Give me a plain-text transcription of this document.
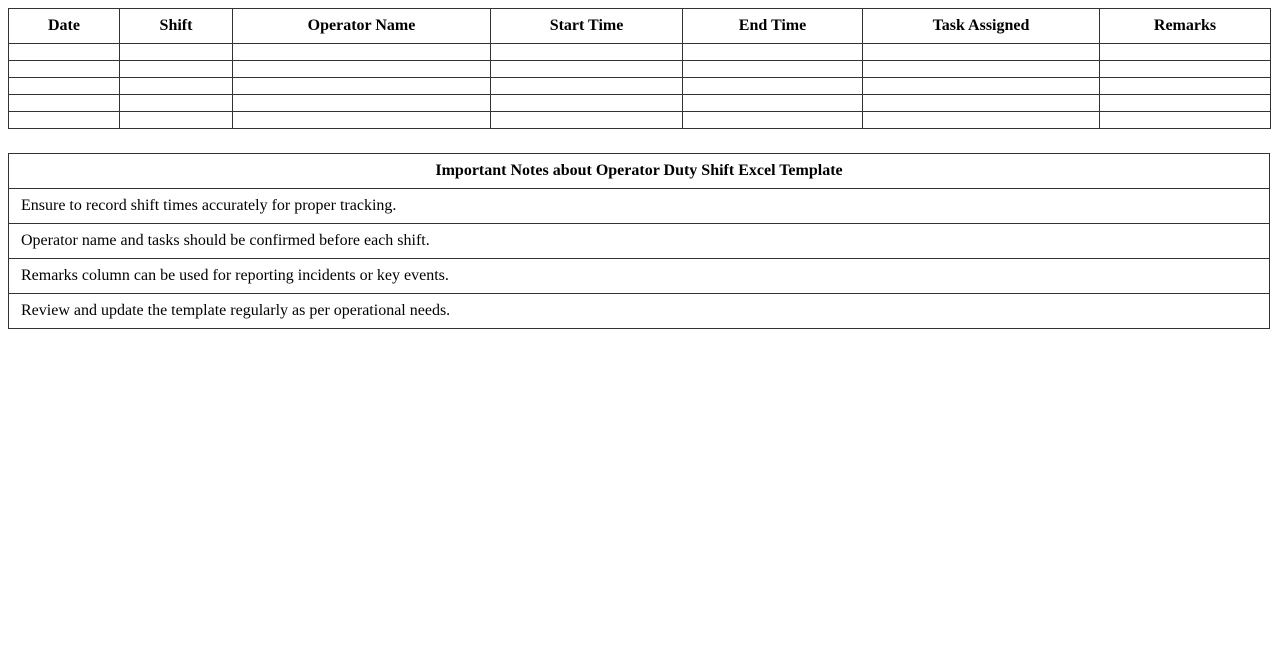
Date	Shift	Operator Name	Start Time	End Time	Task Assigned	Remarks

Important Notes about Operator Duty Shift Excel Template
Ensure to record shift times accurately for proper tracking.
Operator name and tasks should be confirmed before each shift.
Remarks column can be used for reporting incidents or key events.
Review and update the template regularly as per operational needs.
